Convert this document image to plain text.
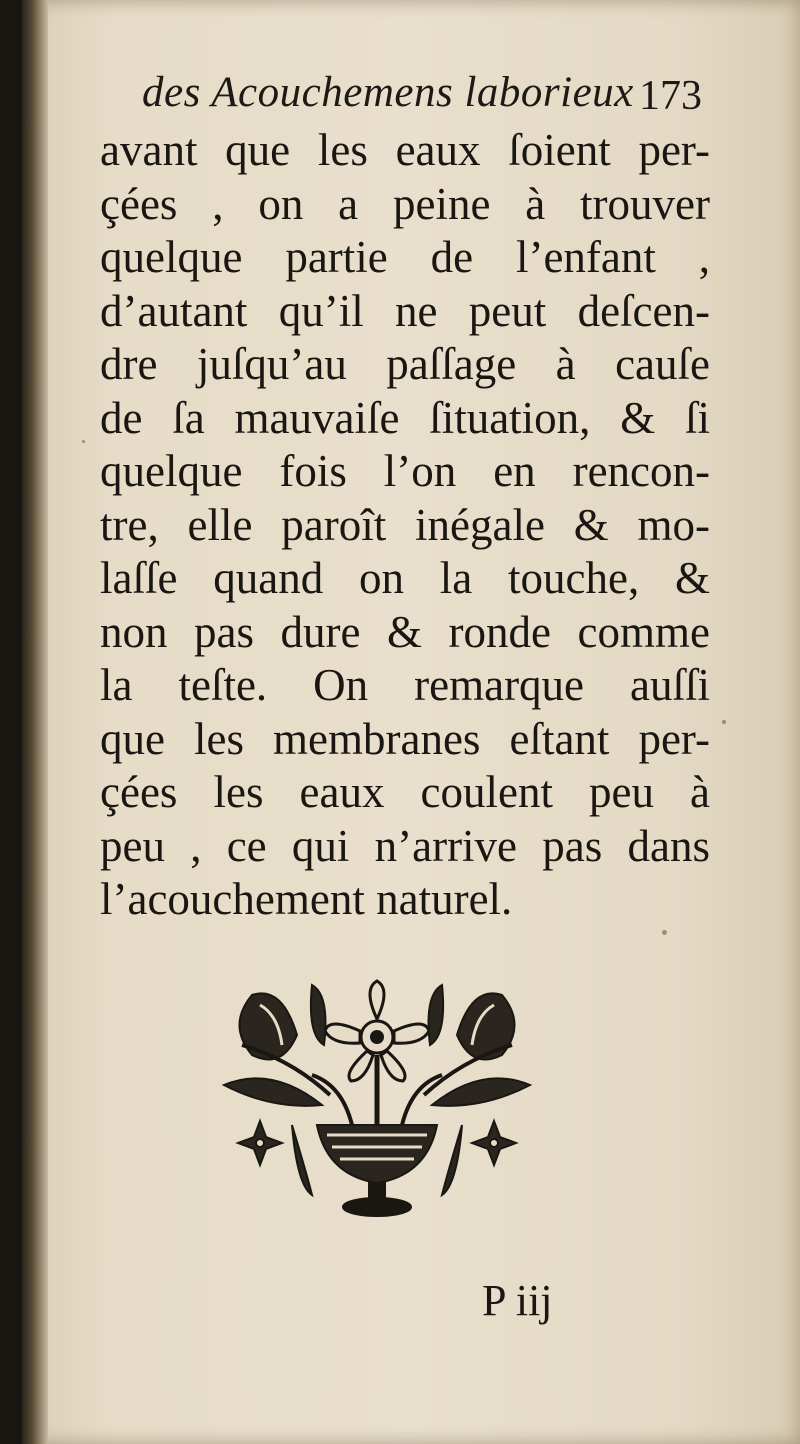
des Acouchemens laborieux 173
avant que les eaux ſoient per-
çées , on a peine à trouver
quelque partie de l’enfant ,
d’autant qu’il ne peut deſcen-
dre juſqu’au paſſage à cauſe
de ſa mauvaiſe ſituation, & ſi
quelque fois l’on en rencon-
tre, elle paroît inégale & mo-
laſſe quand on la touche, &
non pas dure & ronde comme
la teſte. On remarque auſſi
que les membranes eſtant per-
çées les eaux coulent peu à
peu , ce qui n’arrive pas dans
l’acouchement naturel.
P iij
